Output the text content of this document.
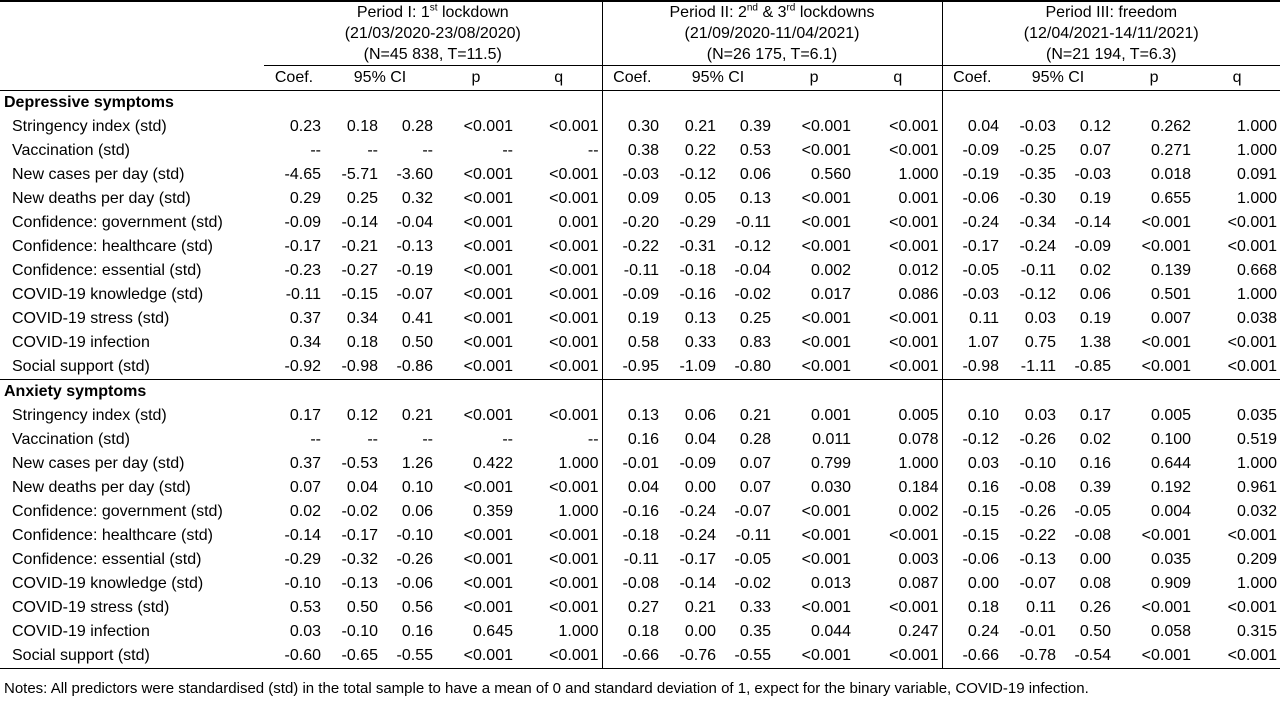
	Period I: 1st lockdown					Period II: 2nd & 3rd lockdowns					Period III: freedom				
	(21/03/2020-23/08/2020)					(21/09/2020-11/04/2021)					(12/04/2021-14/11/2021)				
	(N=45 838, T=11.5)					(N=26 175, T=6.1)					(N=21 194, T=6.3)				
	Coef.	95% CI		p	q	Coef.	95% CI		p	q	Coef.	95% CI		p	q
Depressive symptoms															
Stringency index (std)	0.23	0.18	0.28	<0.001	<0.001	0.30	0.21	0.39	<0.001	<0.001	0.04	-0.03	0.12	0.262	1.000
Vaccination (std)	--	--	--	--	--	0.38	0.22	0.53	<0.001	<0.001	-0.09	-0.25	0.07	0.271	1.000
New cases per day (std)	-4.65	-5.71	-3.60	<0.001	<0.001	-0.03	-0.12	0.06	0.560	1.000	-0.19	-0.35	-0.03	0.018	0.091
New deaths per day (std)	0.29	0.25	0.32	<0.001	<0.001	0.09	0.05	0.13	<0.001	0.001	-0.06	-0.30	0.19	0.655	1.000
Confidence: government (std)	-0.09	-0.14	-0.04	<0.001	0.001	-0.20	-0.29	-0.11	<0.001	<0.001	-0.24	-0.34	-0.14	<0.001	<0.001
Confidence: healthcare (std)	-0.17	-0.21	-0.13	<0.001	<0.001	-0.22	-0.31	-0.12	<0.001	<0.001	-0.17	-0.24	-0.09	<0.001	<0.001
Confidence: essential (std)	-0.23	-0.27	-0.19	<0.001	<0.001	-0.11	-0.18	-0.04	0.002	0.012	-0.05	-0.11	0.02	0.139	0.668
COVID-19 knowledge (std)	-0.11	-0.15	-0.07	<0.001	<0.001	-0.09	-0.16	-0.02	0.017	0.086	-0.03	-0.12	0.06	0.501	1.000
COVID-19 stress (std)	0.37	0.34	0.41	<0.001	<0.001	0.19	0.13	0.25	<0.001	<0.001	0.11	0.03	0.19	0.007	0.038
COVID-19 infection	0.34	0.18	0.50	<0.001	<0.001	0.58	0.33	0.83	<0.001	<0.001	1.07	0.75	1.38	<0.001	<0.001
Social support (std)	-0.92	-0.98	-0.86	<0.001	<0.001	-0.95	-1.09	-0.80	<0.001	<0.001	-0.98	-1.11	-0.85	<0.001	<0.001
Anxiety symptoms															
Stringency index (std)	0.17	0.12	0.21	<0.001	<0.001	0.13	0.06	0.21	0.001	0.005	0.10	0.03	0.17	0.005	0.035
Vaccination (std)	--	--	--	--	--	0.16	0.04	0.28	0.011	0.078	-0.12	-0.26	0.02	0.100	0.519
New cases per day (std)	0.37	-0.53	1.26	0.422	1.000	-0.01	-0.09	0.07	0.799	1.000	0.03	-0.10	0.16	0.644	1.000
New deaths per day (std)	0.07	0.04	0.10	<0.001	<0.001	0.04	0.00	0.07	0.030	0.184	0.16	-0.08	0.39	0.192	0.961
Confidence: government (std)	0.02	-0.02	0.06	0.359	1.000	-0.16	-0.24	-0.07	<0.001	0.002	-0.15	-0.26	-0.05	0.004	0.032
Confidence: healthcare (std)	-0.14	-0.17	-0.10	<0.001	<0.001	-0.18	-0.24	-0.11	<0.001	<0.001	-0.15	-0.22	-0.08	<0.001	<0.001
Confidence: essential (std)	-0.29	-0.32	-0.26	<0.001	<0.001	-0.11	-0.17	-0.05	<0.001	0.003	-0.06	-0.13	0.00	0.035	0.209
COVID-19 knowledge (std)	-0.10	-0.13	-0.06	<0.001	<0.001	-0.08	-0.14	-0.02	0.013	0.087	0.00	-0.07	0.08	0.909	1.000
COVID-19 stress (std)	0.53	0.50	0.56	<0.001	<0.001	0.27	0.21	0.33	<0.001	<0.001	0.18	0.11	0.26	<0.001	<0.001
COVID-19 infection	0.03	-0.10	0.16	0.645	1.000	0.18	0.00	0.35	0.044	0.247	0.24	-0.01	0.50	0.058	0.315
Social support (std)	-0.60	-0.65	-0.55	<0.001	<0.001	-0.66	-0.76	-0.55	<0.001	<0.001	-0.66	-0.78	-0.54	<0.001	<0.001
Notes: All predictors were standardised (std) in the total sample to have a mean of 0 and standard deviation of 1, expect for the binary variable, COVID-19 infection.
